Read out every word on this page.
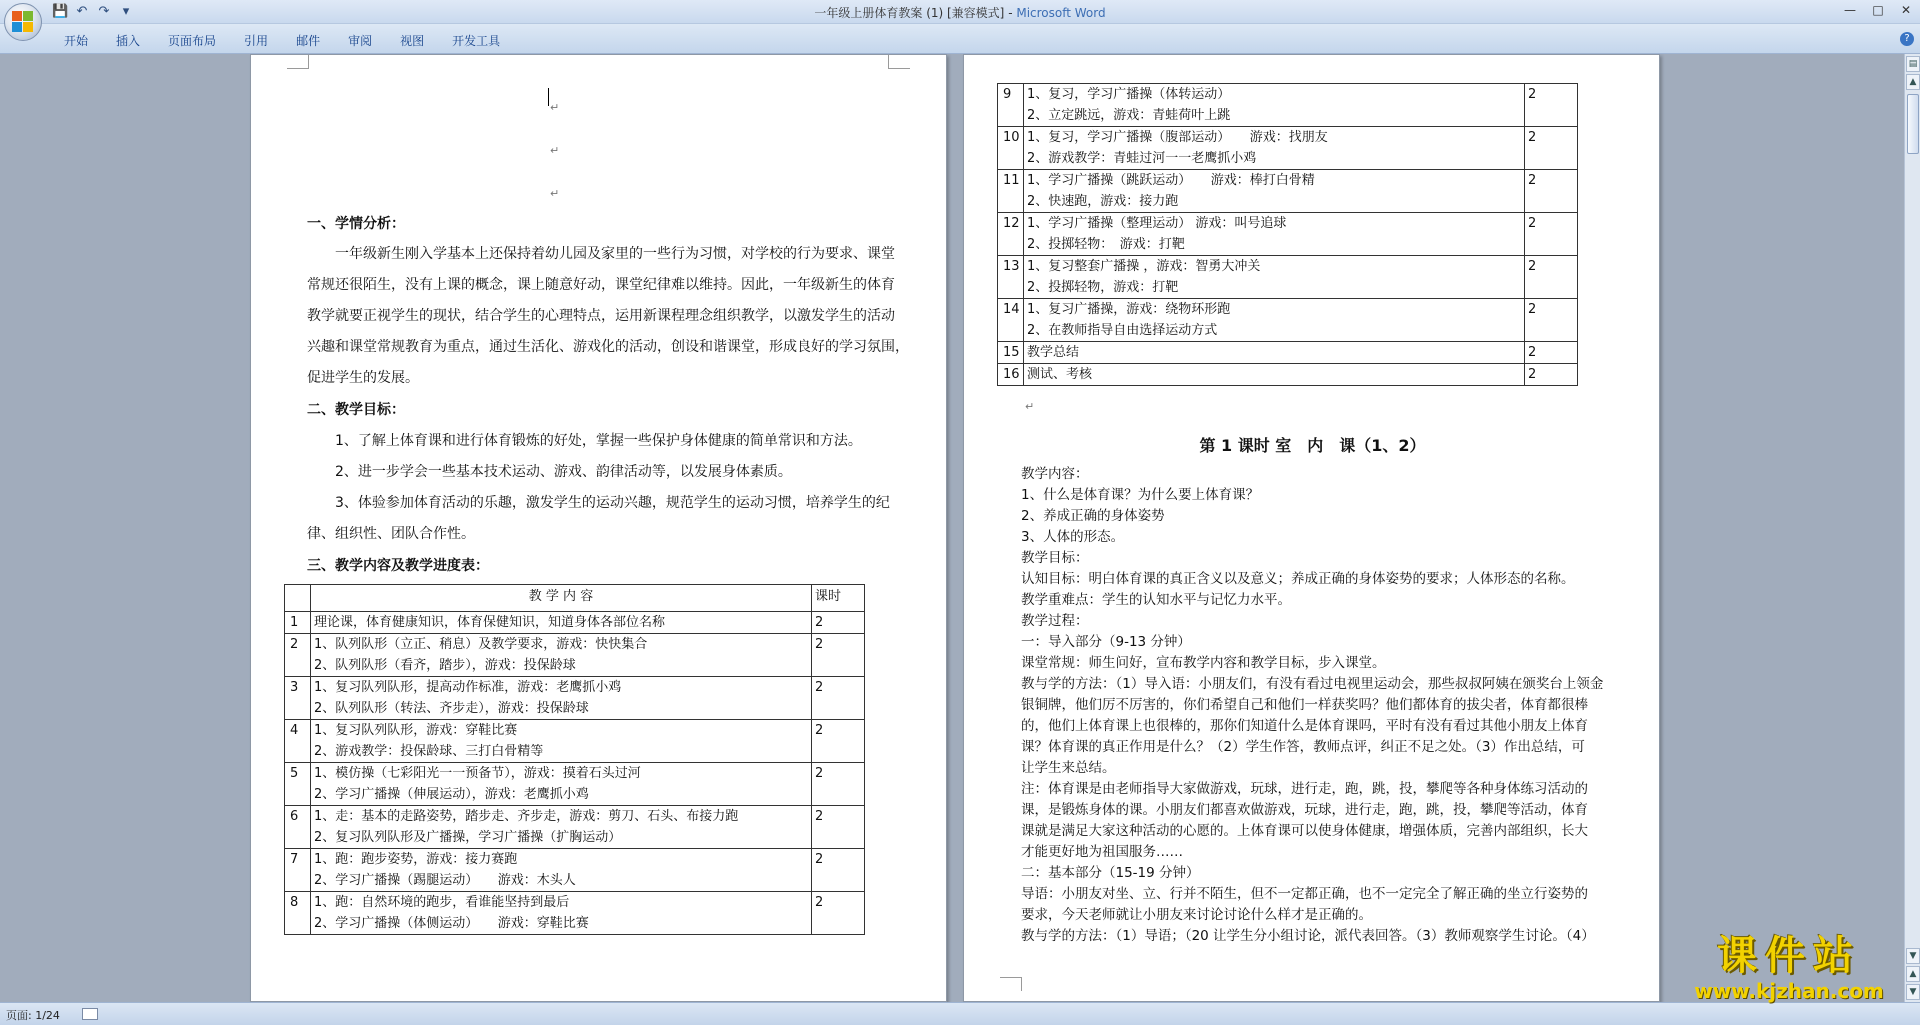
💾 ↶ ↷	▾	一年级上册体育教案 (1) [兼容模式] - Microsoft Word	—	□	✕
开始	插入	页面布局	引用	邮件	审阅	视图	开发工具	?
↵
↵
↵
一、学情分析：
一年级新生刚入学基本上还保持着幼儿园及家里的一些行为习惯，对学校的行为要求、课堂
常规还很陌生，没有上课的概念，课上随意好动，课堂纪律难以维持。因此，一年级新生的体育
教学就要正视学生的现状，结合学生的心理特点，运用新课程理念组织教学，以激发学生的活动
兴趣和课堂常规教育为重点，通过生活化、游戏化的活动，创设和谐课堂，形成良好的学习氛围，
促进学生的发展。
二、教学目标：
1、了解上体育课和进行体育锻炼的好处，掌握一些保护身体健康的简单常识和方法。
2、进一步学会一些基本技术运动、游戏、韵律活动等，以发展身体素质。
3、体验参加体育活动的乐趣，激发学生的运动兴趣，规范学生的运动习惯，培养学生的纪
律、组织性、团队合作性。
三、教学内容及教学进度表：
	教 学 内 容	课时
1	理论课，体育健康知识，体育保健知识，知道身体各部位名称	2
2	1、队列队形（立正、稍息）及教学要求，游戏：快快集合
2、队列队形（看齐，踏步），游戏：投保龄球	2
3	1、复习队列队形，提高动作标准，游戏：老鹰抓小鸡
2、队列队形（转法、齐步走），游戏：投保龄球	2
4	1、复习队列队形，游戏：穿鞋比赛
2、游戏教学：投保龄球、三打白骨精等	2
5	1、模仿操（七彩阳光一一预备节），游戏：摸着石头过河
2、学习广播操（伸展运动），游戏：老鹰抓小鸡	2
6	1、走：基本的走路姿势，踏步走、齐步走，游戏：剪刀、石头、布接力跑
2、复习队列队形及广播操，学习广播操（扩胸运动）	2
7	1、跑：跑步姿势，游戏：接力赛跑
2、学习广播操（踢腿运动）　　游戏：木头人	2
8	1、跑：自然环境的跑步，看谁能坚持到最后
2、学习广播操（体侧运动）　　游戏：穿鞋比赛	2
9	1、复习，学习广播操（体转运动）
2、立定跳远，游戏：青蛙荷叶上跳	2
10	1、复习，学习广播操（腹部运动）　　游戏：找朋友
2、游戏教学：青蛙过河一一老鹰抓小鸡	2
11	1、学习广播操（跳跃运动）　　游戏：棒打白骨精
2、快速跑，游戏：接力跑	2
12	1、学习广播操（整理运动） 游戏：叫号追球
2、投掷轻物：　游戏：打靶	2
13	1、复习整套广播操 ，游戏：智勇大冲关
2、投掷轻物，游戏：打靶	2
14	1、复习广播操，游戏：绕物环形跑
2、在教师指导自由选择运动方式	2
15	教学总结	2
16	测试、考核	2
↵
第 1 课时 室　内　课（1、2）
教学内容：
1、什么是体育课？为什么要上体育课？
2、养成正确的身体姿势
3、人体的形态。
教学目标：
认知目标：明白体育课的真正含义以及意义；养成正确的身体姿势的要求；人体形态的名称。
教学重难点：学生的认知水平与记忆力水平。
教学过程：
一：导入部分（9-13 分钟）
课堂常规：师生问好，宣布教学内容和教学目标，步入课堂。
教与学的方法：（1）导入语：小朋友们，有没有看过电视里运动会，那些叔叔阿姨在颁奖台上领金
银铜牌，他们厉不厉害的，你们希望自己和他们一样获奖吗？他们都体育的拔尖者，体育都很棒
的，他们上体育课上也很棒的，那你们知道什么是体育课吗，平时有没有看过其他小朋友上体育
课？体育课的真正作用是什么？（2）学生作答，教师点评，纠正不足之处。（3）作出总结，可
让学生来总结。
注：体育课是由老师指导大家做游戏，玩球，进行走，跑，跳，投，攀爬等各种身体练习活动的
课，是锻炼身体的课。小朋友们都喜欢做游戏，玩球，进行走，跑，跳，投，攀爬等活动，体育
课就是满足大家这种活动的心愿的。上体育课可以使身体健康，增强体质，完善内部组织，长大
才能更好地为祖国服务……
二：基本部分（15-19 分钟）
导语：小朋友对坐、立、行并不陌生，但不一定都正确，也不一定完全了解正确的坐立行姿势的
要求，今天老师就让小朋友来讨论讨论什么样才是正确的。
教与学的方法：（1）导语；（20 让学生分小组讨论，派代表回答。（3）教师观察学生讨论。（4）
▤
▲
▼
▲
▼
页面: 1/24
课件站
www.kjzhan.com
